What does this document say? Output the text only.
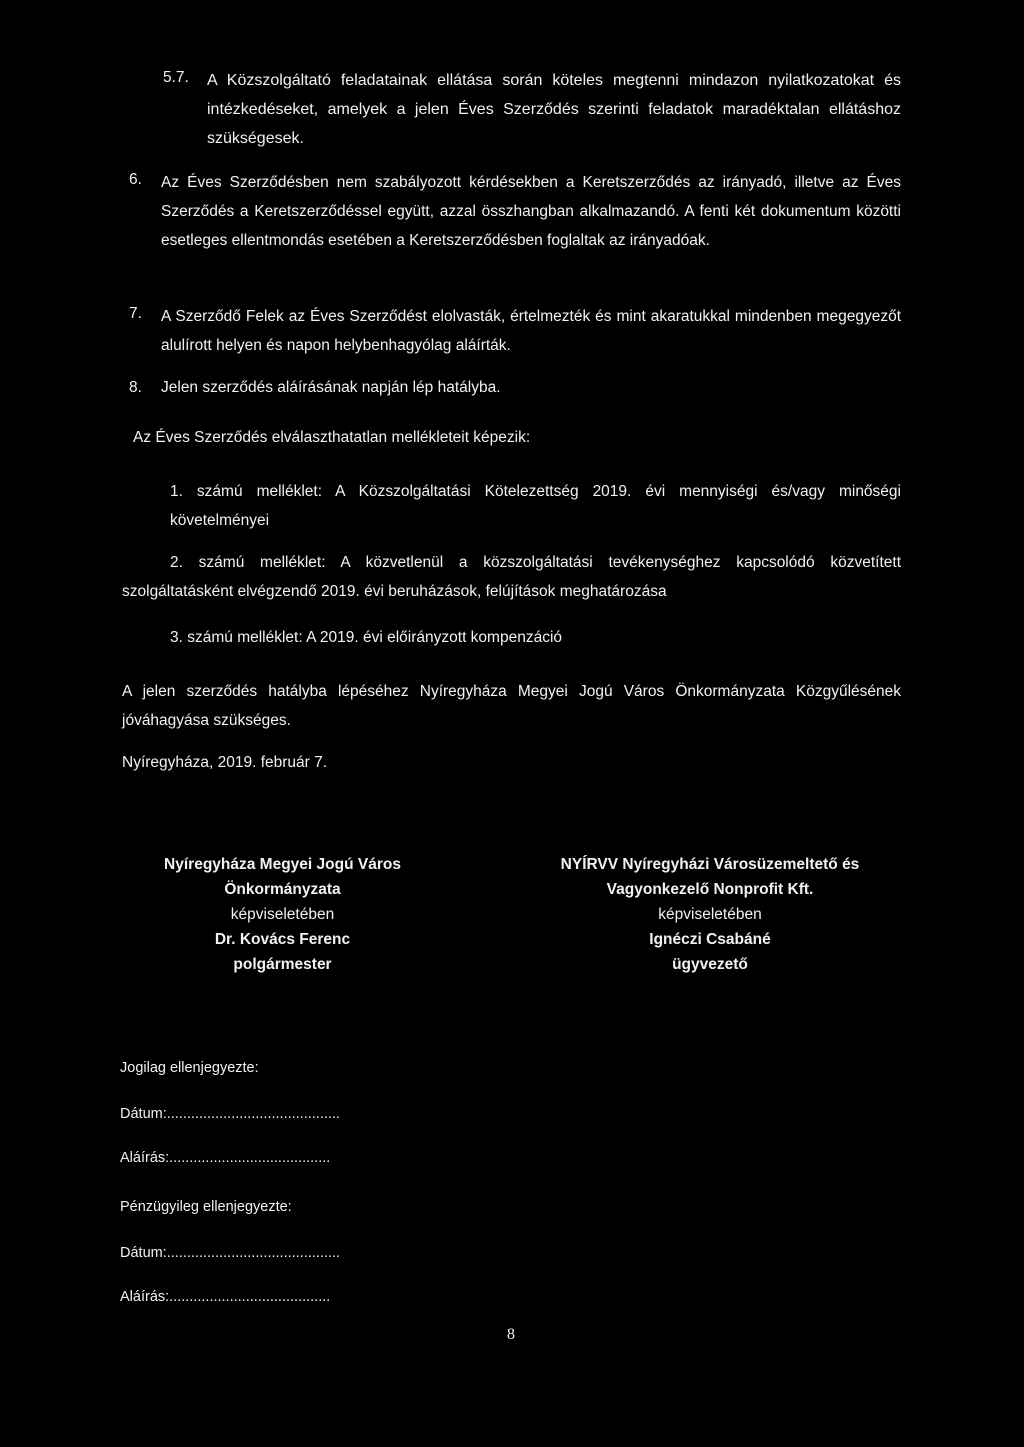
5.7. A Közszolgáltató feladatainak ellátása során köteles megtenni mindazon nyilatkozatokat és intézkedéseket, amelyek a jelen Éves Szerződés szerinti feladatok maradéktalan ellátáshoz szükségesek.
6. Az Éves Szerződésben nem szabályozott kérdésekben a Keretszerződés az irányadó, illetve az Éves Szerződés a Keretszerződéssel együtt, azzal összhangban alkalmazandó. A fenti két dokumentum közötti esetleges ellentmondás esetében a Keretszerződésben foglaltak az irányadóak.
7. A Szerződő Felek az Éves Szerződést elolvasták, értelmezték és mint akaratukkal mindenben megegyezőt alulírott helyen és napon helybenhagyólag aláírták.
8. Jelen szerződés aláírásának napján lép hatályba.
Az Éves Szerződés elválaszthatatlan mellékleteit képezik:
1. számú melléklet: A Közszolgáltatási Kötelezettség 2019. évi mennyiségi és/vagy minőségi követelményei
2. számú melléklet: A közvetlenül a közszolgáltatási tevékenységhez kapcsolódó közvetített szolgáltatásként elvégzendő 2019. évi beruházások, felújítások meghatározása
3. számú melléklet: A 2019. évi előirányzott kompenzáció
A jelen szerződés hatályba lépéséhez Nyíregyháza Megyei Jogú Város Önkormányzata Közgyűlésének jóváhagyása szükséges.
Nyíregyháza, 2019. február 7.
Nyíregyháza Megyei Jogú Város
Önkormányzata
képviseletében
Dr. Kovács Ferenc
polgármester
NYÍRVV Nyíregyházi Városüzemeltető és
Vagyonkezelő Nonprofit Kft.
képviseletében
Ignéczi Csabáné
ügyvezető
Jogilag ellenjegyezte:
Dátum:...........................................
Aláírás:........................................
Pénzügyileg ellenjegyezte:
Dátum:...........................................
Aláírás:........................................
8
